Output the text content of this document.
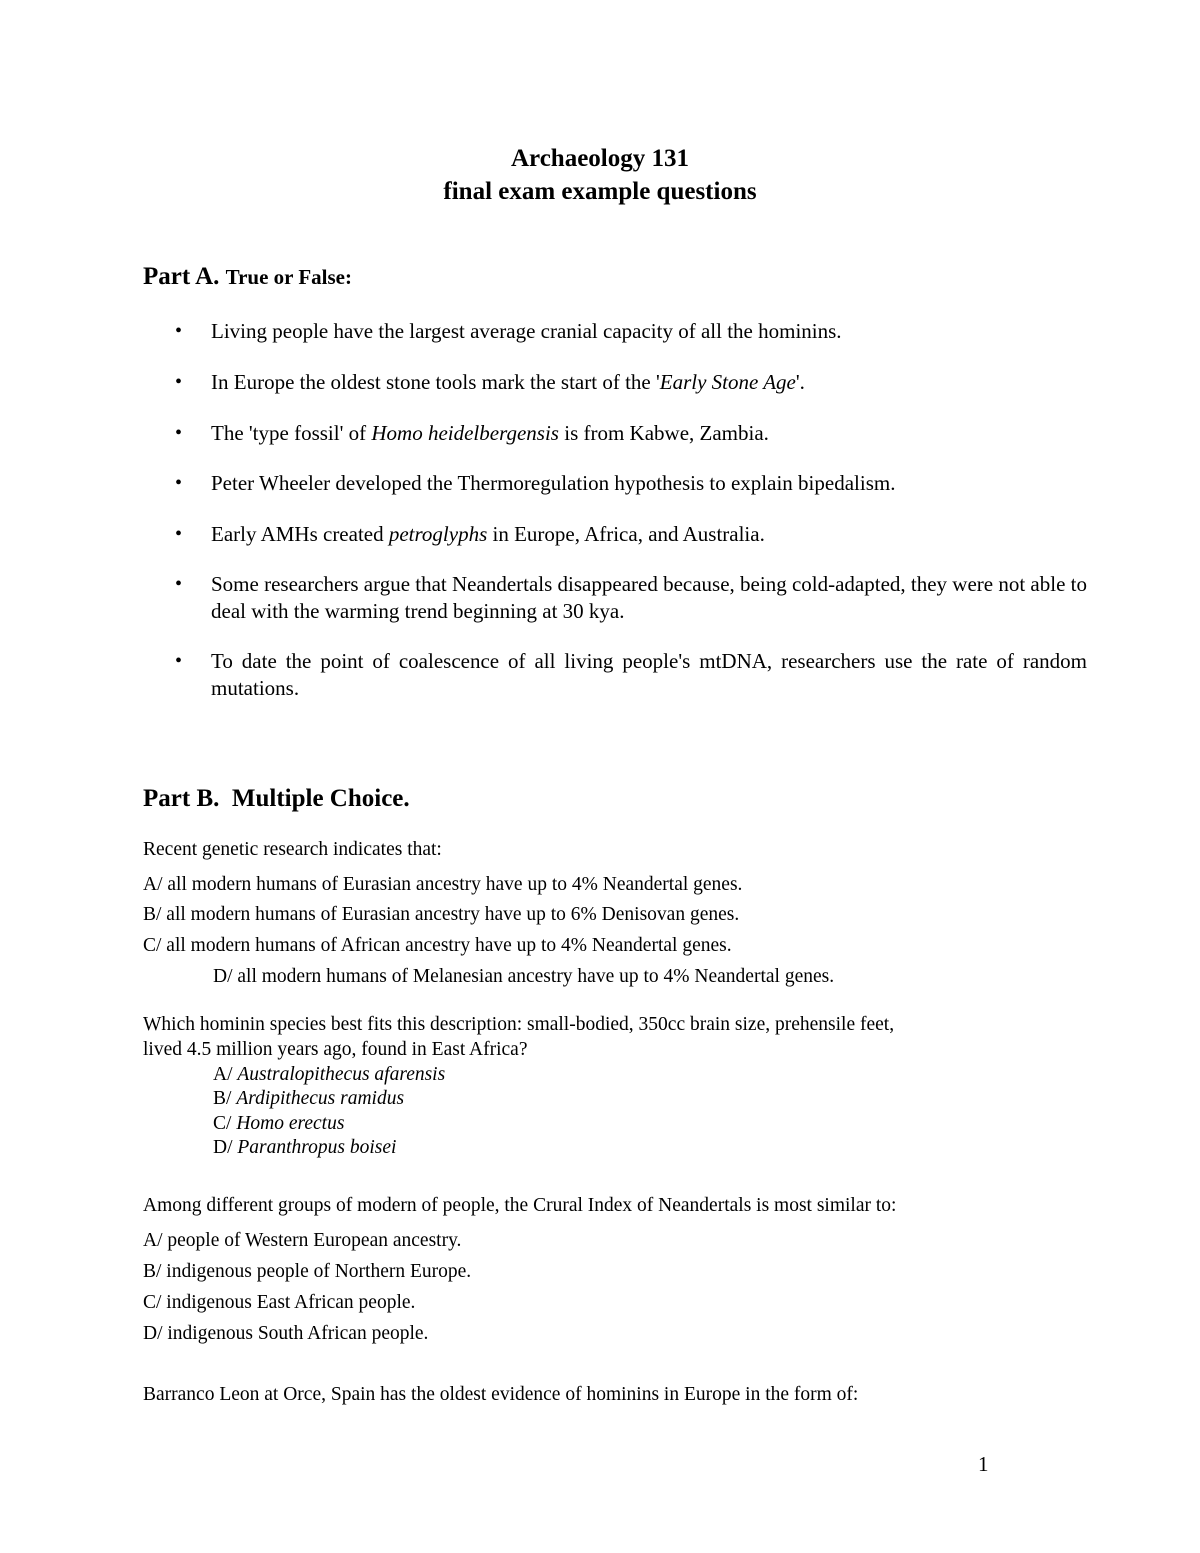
Archaeology 131
final exam example questions
Part A. True or False:
• Living people have the largest average cranial capacity of all the hominins.
• In Europe the oldest stone tools mark the start of the 'Early Stone Age'.
• The 'type fossil' of Homo heidelbergensis is from Kabwe, Zambia.
• Peter Wheeler developed the Thermoregulation hypothesis to explain bipedalism.
• Early AMHs created petroglyphs in Europe, Africa, and Australia.
• Some researchers argue that Neandertals disappeared because, being cold-adapted, they were not able to deal with the warming trend beginning at 30 kya.
• To date the point of coalescence of all living people's mtDNA, researchers use the rate of random mutations.
Part B. Multiple Choice.
Recent genetic research indicates that:
A/ all modern humans of Eurasian ancestry have up to 4% Neandertal genes.
B/ all modern humans of Eurasian ancestry have up to 6% Denisovan genes.
C/ all modern humans of African ancestry have up to 4% Neandertal genes.
D/ all modern humans of Melanesian ancestry have up to 4% Neandertal genes.
Which hominin species best fits this description: small-bodied, 350cc brain size, prehensile feet,
lived 4.5 million years ago, found in East Africa?
A/ Australopithecus afarensis
B/ Ardipithecus ramidus
C/ Homo erectus
D/ Paranthropus boisei
Among different groups of modern of people, the Crural Index of Neandertals is most similar to:
A/ people of Western European ancestry.
B/ indigenous people of Northern Europe.
C/ indigenous East African people.
D/ indigenous South African people.
Barranco Leon at Orce, Spain has the oldest evidence of hominins in Europe in the form of:
1
